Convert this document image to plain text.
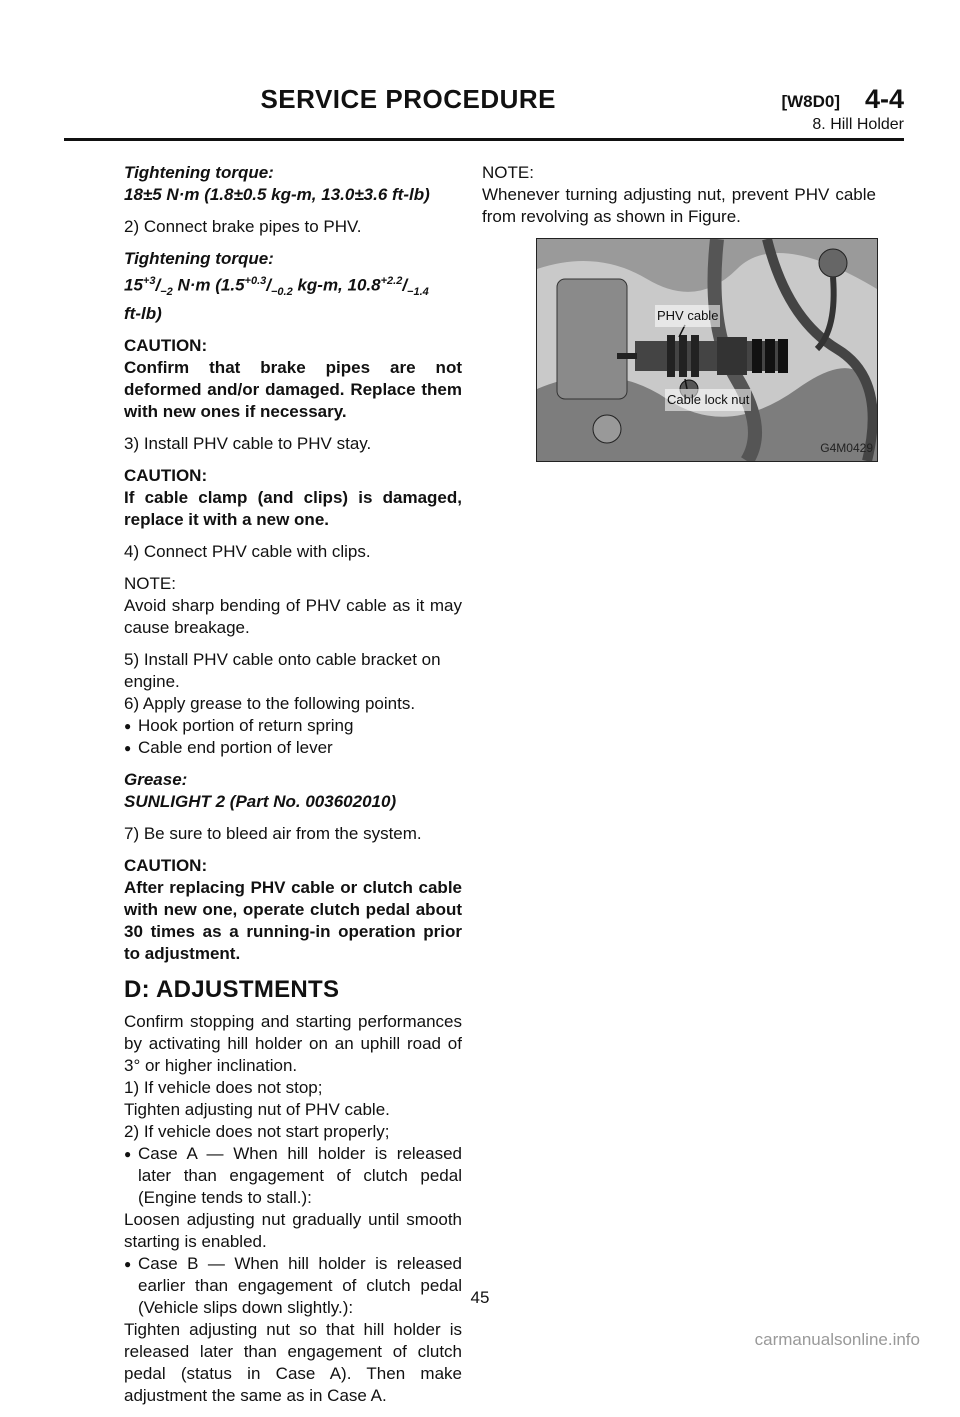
SERVICE PROCEDURE	[W8D0] 4-4
8. Hill Holder

Tightening torque:

18±5 N·m (1.8±0.5 kg-m, 13.0±3.6 ft-lb)

2) Connect brake pipes to PHV.

Tightening torque:

$15^{+3}/_{-2}$ N·m ($1.5^{+0.3}/_{-0.2}$ kg-m, $10.8^{+2.2}/_{-1.4}$

ft-lb)

CAUTION:

Confirm that brake pipes are not deformed and/or damaged. Replace them with new ones if necessary.

3) Install PHV cable to PHV stay.

CAUTION:

If cable clamp (and clips) is damaged, replace it with a new one.

4) Connect PHV cable with clips.

NOTE:

Avoid sharp bending of PHV cable as it may cause breakage.

5) Install PHV cable onto cable bracket on engine.

6) Apply grease to the following points.

● Hook portion of return spring
● Cable end portion of lever

Grease:

SUNLIGHT 2 (Part No. 003602010)

7) Be sure to bleed air from the system.

CAUTION:

After replacing PHV cable or clutch cable with new one, operate clutch pedal about 30 times as a running-in operation prior to adjustment.

D: ADJUSTMENTS

Confirm stopping and starting performances by activating hill holder on an uphill road of 3° or higher inclination.

1) If vehicle does not stop;

Tighten adjusting nut of PHV cable.

2) If vehicle does not start properly;

● Case A — When hill holder is released later than engagement of clutch pedal (Engine tends to stall.):

Loosen adjusting nut gradually until smooth starting is enabled.

● Case B — When hill holder is released earlier than engagement of clutch pedal (Vehicle slips down slightly.):

Tighten adjusting nut so that hill holder is released later than engagement of clutch pedal (status in Case A). Then make adjustment the same as in Case A.

NOTE:

Whenever turning adjusting nut, prevent PHV cable from revolving as shown in Figure.

PHV cable
Cable lock nut
G4M0429
45
carmanualsonline.info
